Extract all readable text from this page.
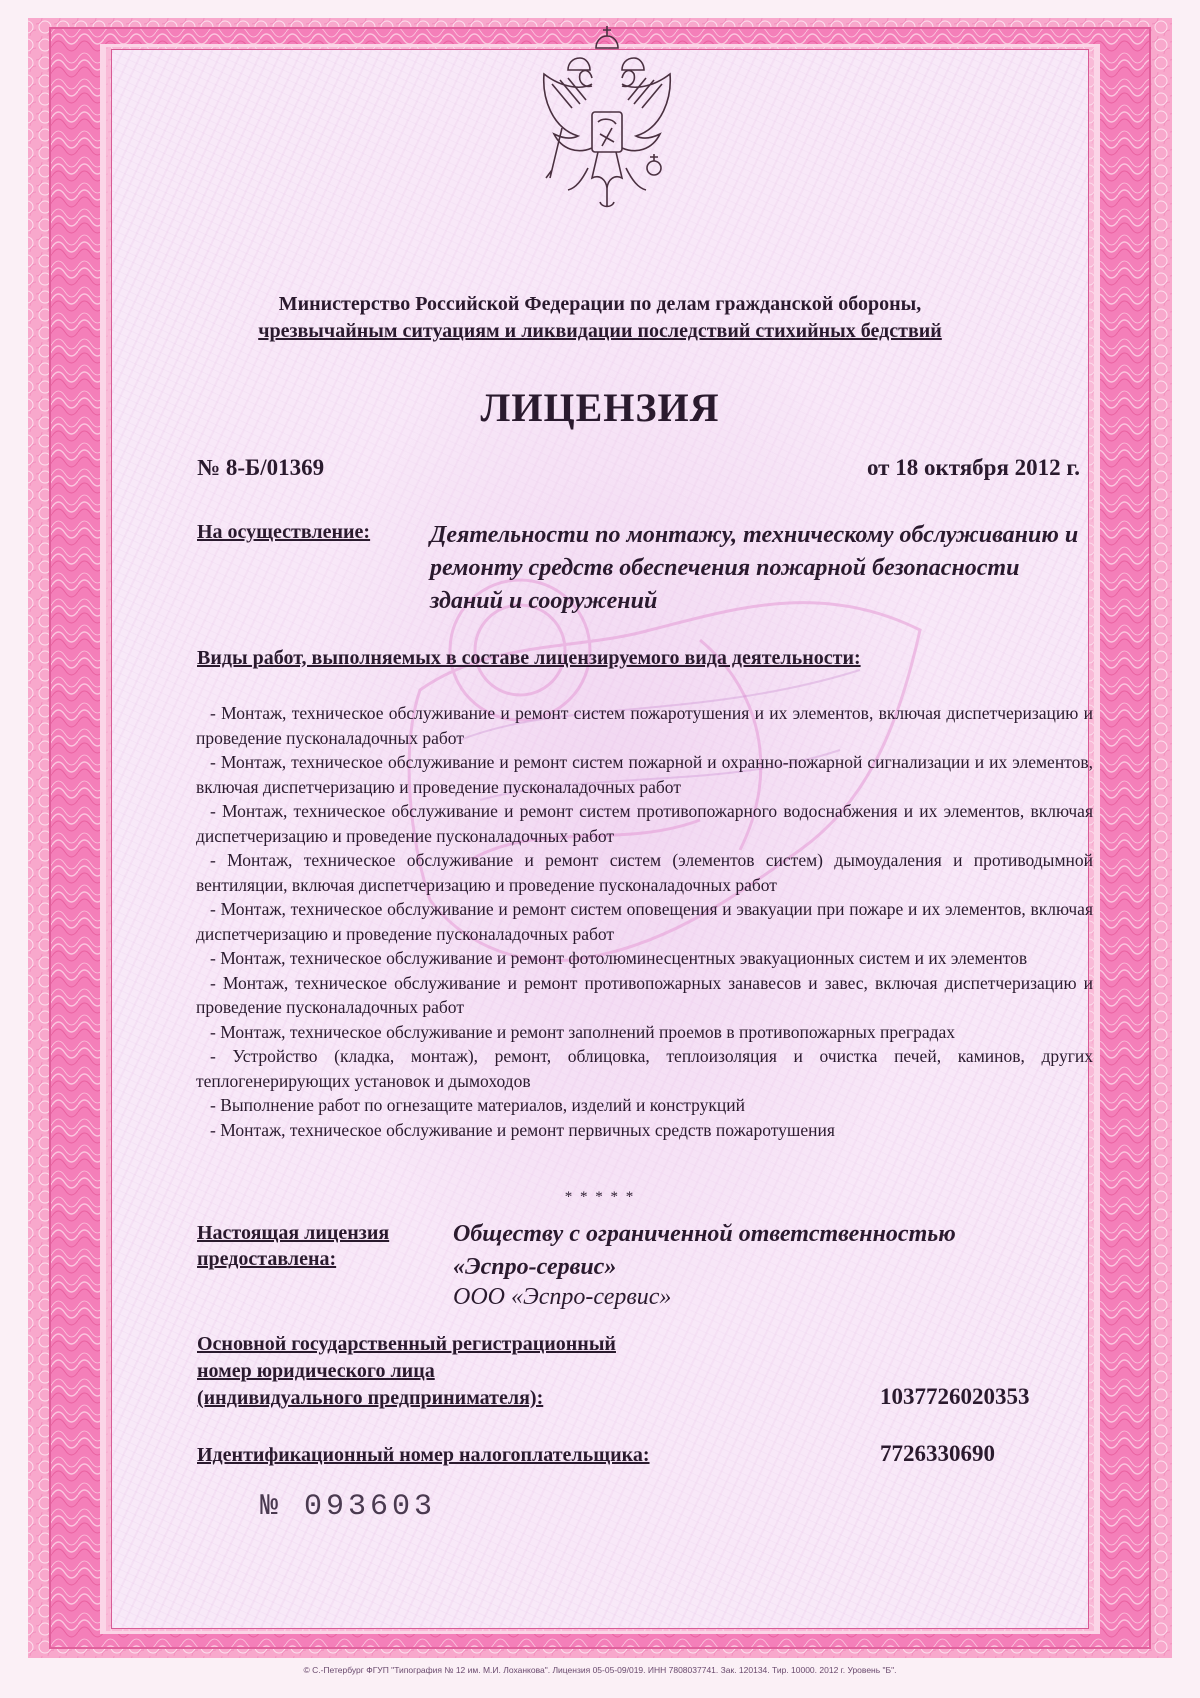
Министерство Российской Федерации по делам гражданской обороны,
чрезвычайным ситуациям и ликвидации последствий стихийных бедствий
ЛИЦЕНЗИЯ
№ 8-Б/01369	от 18 октября 2012 г.
На осуществление: Деятельности по монтажу, техническому обслуживанию и ремонту средств обеспечения пожарной безопасности зданий и сооружений
Виды работ, выполняемых в составе лицензируемого вида деятельности:

- Монтаж, техническое обслуживание и ремонт систем пожаротушения и их элементов, включая диспетчеризацию и проведение пусконаладочных работ

- Монтаж, техническое обслуживание и ремонт систем пожарной и охранно-пожарной сигнализации и их элементов, включая диспетчеризацию и проведение пусконаладочных работ

- Монтаж, техническое обслуживание и ремонт систем противопожарного водоснабжения и их элементов, включая диспетчеризацию и проведение пусконаладочных работ

- Монтаж, техническое обслуживание и ремонт систем (элементов систем) дымоудаления и противодымной вентиляции, включая диспетчеризацию и проведение пусконаладочных работ

- Монтаж, техническое обслуживание и ремонт систем оповещения и эвакуации при пожаре и их элементов, включая диспетчеризацию и проведение пусконаладочных работ

- Монтаж, техническое обслуживание и ремонт фотолюминесцентных эвакуационных систем и их элементов

- Монтаж, техническое обслуживание и ремонт противопожарных занавесов и завес, включая диспетчеризацию и проведение пусконаладочных работ

- Монтаж, техническое обслуживание и ремонт заполнений проемов в противопожарных преградах

- Устройство (кладка, монтаж), ремонт, облицовка, теплоизоляция и очистка печей, каминов, других теплогенерирующих установок и дымоходов

- Выполнение работ по огнезащите материалов, изделий и конструкций

- Монтаж, техническое обслуживание и ремонт первичных средств пожаротушения

* * * * *
Настоящая лицензия
предоставлена:
Обществу с ограниченной ответственностью
«Эспро-сервис»
ООО «Эспро-сервис»
Основной государственный регистрационный
номер юридического лица
(индивидуального предпринимателя):	1037726020353
Идентификационный номер налогоплательщика:	7726330690
№ 093603
© С.-Петербург ФГУП "Типография № 12 им. М.И. Лоханкова". Лицензия 05-05-09/019. ИНН 7808037741. Зак. 120134. Тир. 10000. 2012 г. Уровень "Б".
